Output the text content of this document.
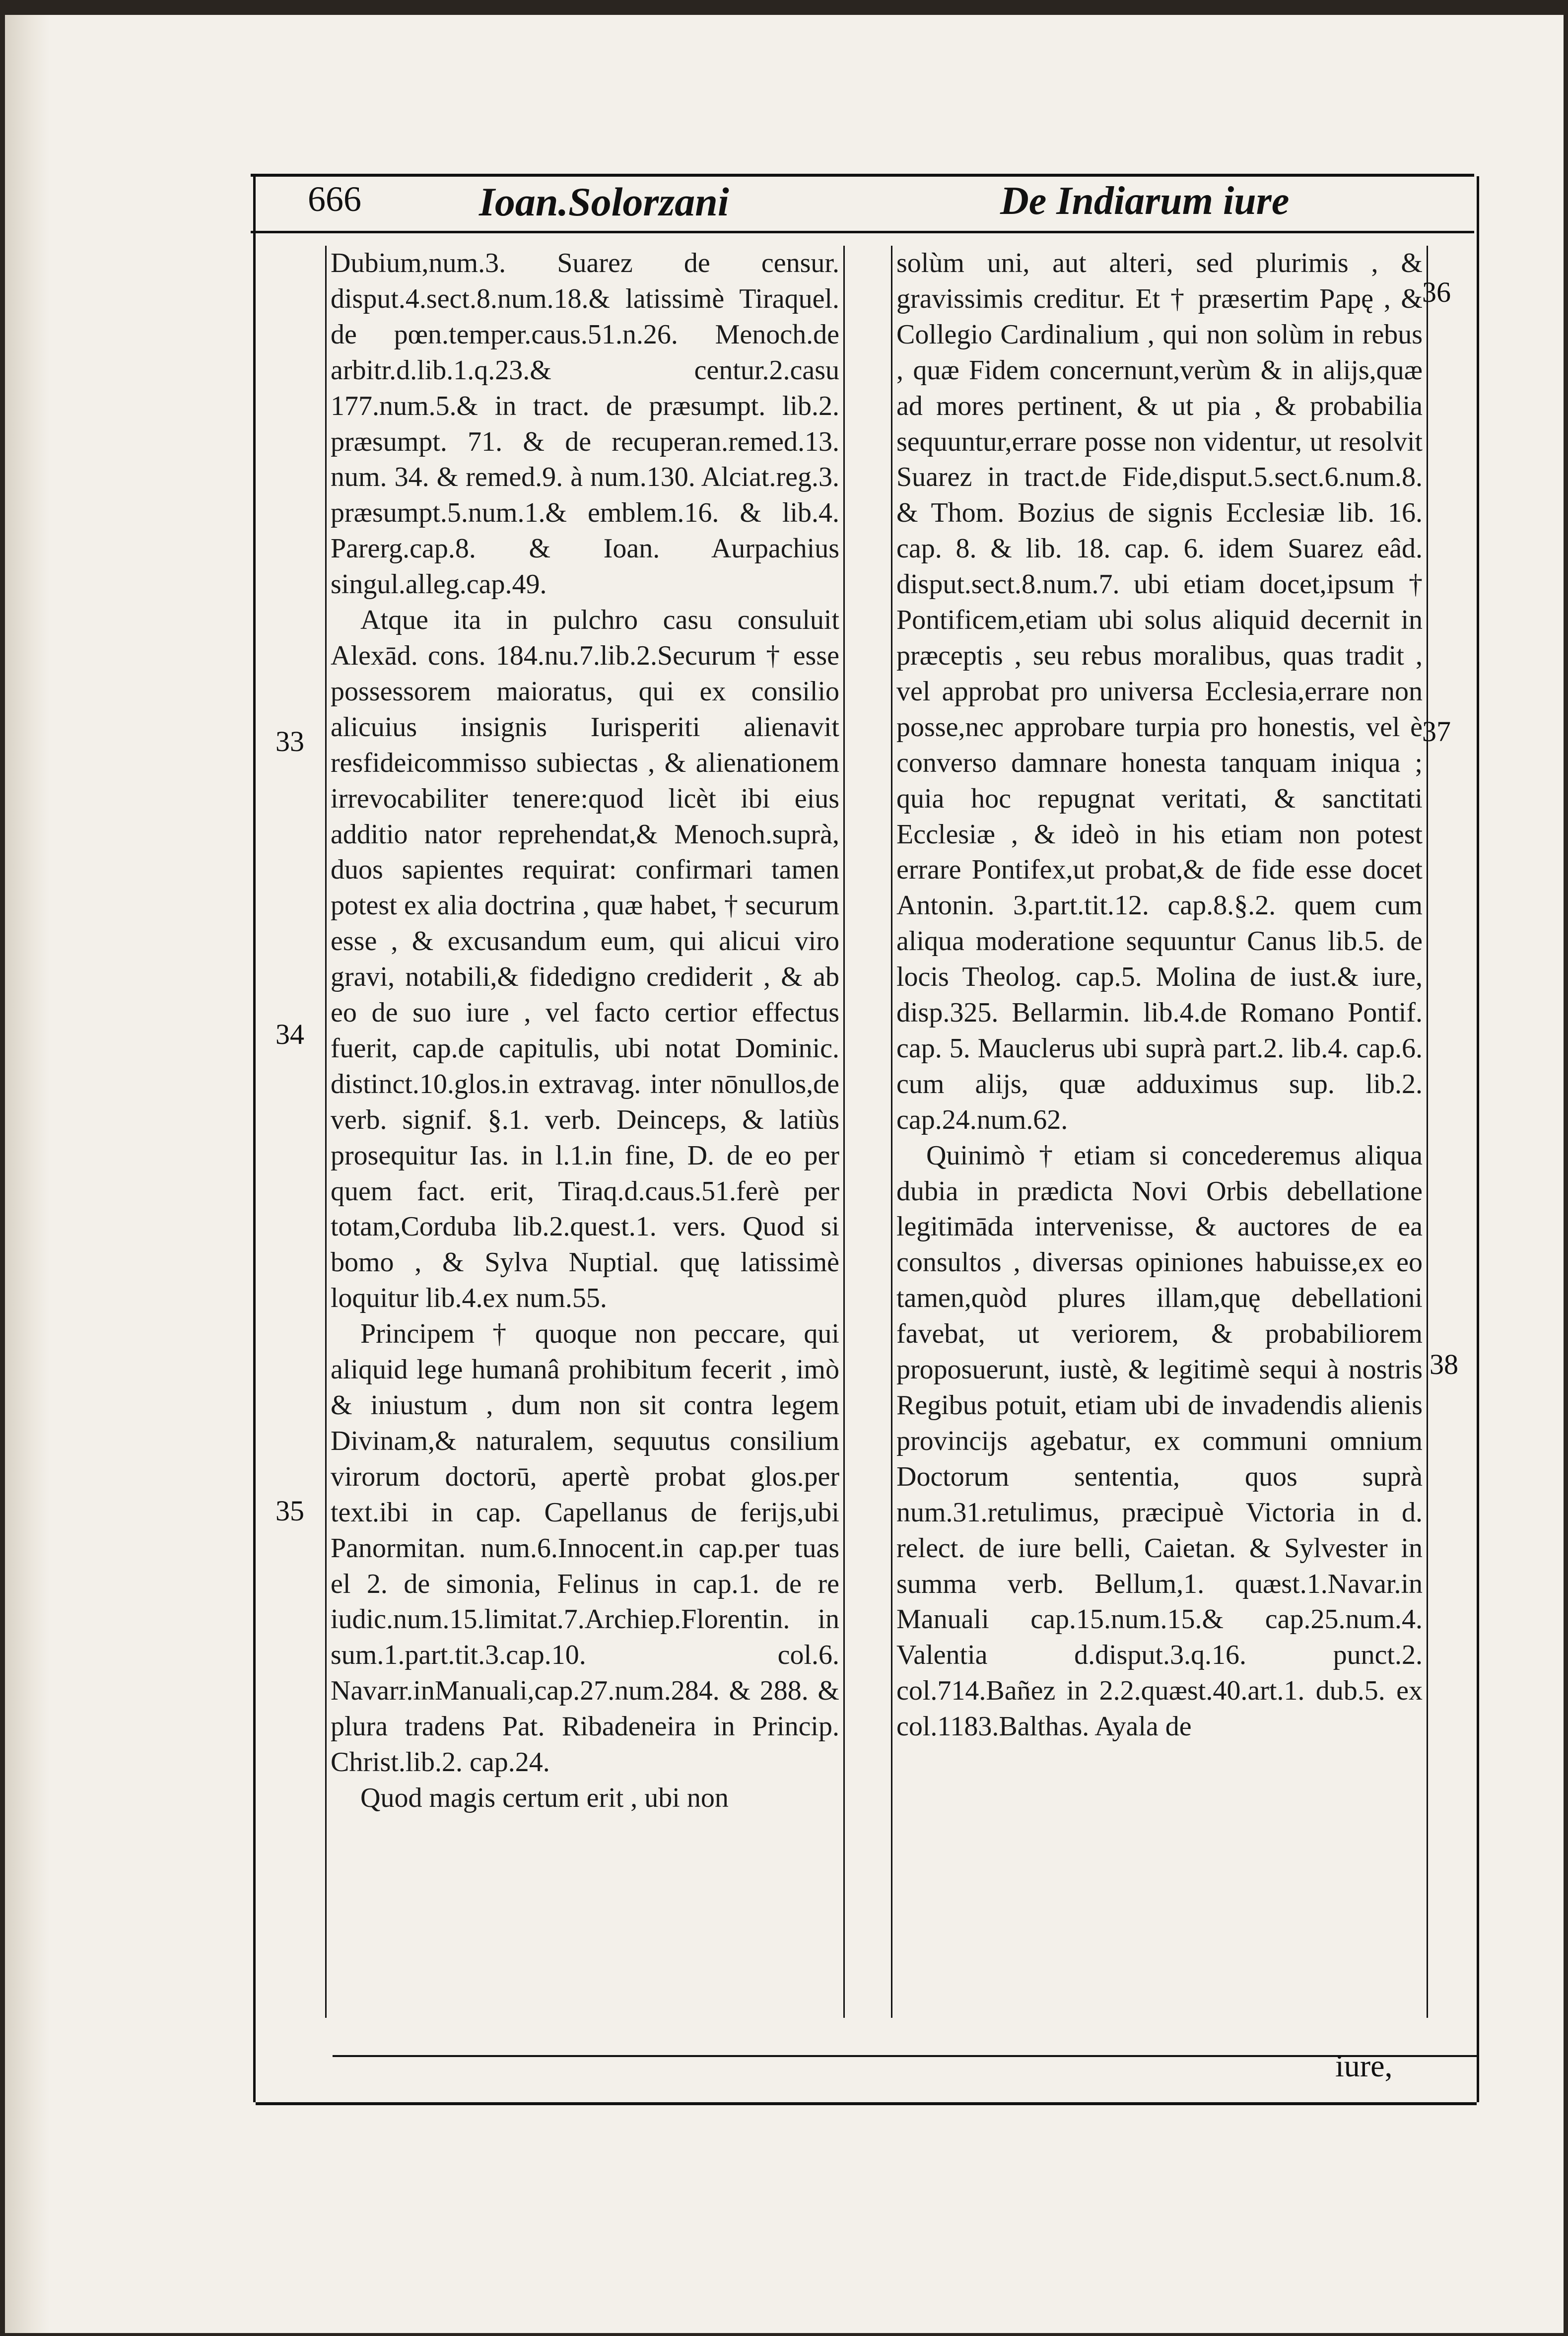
666	Ioan.Solorzani	De Indiarum iure

Dubium,num.3. Suarez de censur. disput.4.sect.8.num.18.& latissimè Tiraquel. de pœn.temper.caus.51.n.26. Menoch.de arbitr.d.lib.1.q.23.& centur.2.casu 177.num.5.& in tract. de præsumpt. lib.2. præsumpt. 71. & de recuperan.remed.13. num. 34. & remed.9. à num.130. Alciat.reg.3. præsumpt.5.num.1.& emblem.16. & lib.4. Parerg.cap.8. & Ioan. Aurpachius singul.alleg.cap.49.

Atque ita in pulchro casu consuluit Alexād. cons. 184.nu.7.lib.2.Securum † esse possessorem maioratus, qui ex consilio alicuius insignis Iurisperiti alienavit resfideicommisso subiectas , & alienationem irrevocabiliter tenere:quod licèt ibi eius additio nator reprehendat,& Menoch.suprà, duos sapientes requirat: confirmari tamen potest ex alia doctrina , quæ habet, † securum esse , & excusandum eum, qui alicui viro gravi, notabili,& fidedigno crediderit , & ab eo de suo iure , vel facto certior effectus fuerit, cap.de capitulis, ubi notat Dominic. distinct.10.glos.in extravag. inter nōnullos,de verb. signif. §.1. verb. Deinceps, & latiùs prosequitur Ias. in l.1.in fine, D. de eo per quem fact. erit, Tiraq.d.caus.51.ferè per totam,Corduba lib.2.quest.1. vers. Quod si bomo , & Sylva Nuptial. quę latissimè loquitur lib.4.ex num.55.

Principem † quoque non peccare, qui aliquid lege humanâ prohibitum fecerit , imò & iniustum , dum non sit contra legem Divinam,& naturalem, sequutus consilium virorum doctorū, apertè probat glos.per text.ibi in cap. Capellanus de ferijs,ubi Panormitan. num.6.Innocent.in cap.per tuas el 2. de simonia, Felinus in cap.1. de re iudic.num.15.limitat.7.Archiep.Florentin. in sum.1.part.tit.3.cap.10. col.6. Navarr.inManuali,cap.27.num.284. & 288. & plura tradens Pat. Ribadeneira in Princip. Christ.lib.2. cap.24.

Quod magis certum erit , ubi non

solùm uni, aut alteri, sed plurimis , & gravissimis creditur. Et † præsertim Papę , & Collegio Cardinalium , qui non solùm in rebus , quæ Fidem concernunt,verùm & in alijs,quæ ad mores pertinent, & ut pia , & probabilia sequuntur,errare posse non videntur, ut resolvit Suarez in tract.de Fide,disput.5.sect.6.num.8. & Thom. Bozius de signis Ecclesiæ lib. 16. cap. 8. & lib. 18. cap. 6. idem Suarez eâd. disput.sect.8.num.7. ubi etiam docet,ipsum † Pontificem,etiam ubi solus aliquid decernit in præceptis , seu rebus moralibus, quas tradit , vel approbat pro universa Ecclesia,errare non posse,nec approbare turpia pro honestis, vel è converso damnare honesta tanquam iniqua ; quia hoc repugnat veritati, & sanctitati Ecclesiæ , & ideò in his etiam non potest errare Pontifex,ut probat,& de fide esse docet Antonin. 3.part.tit.12. cap.8.§.2. quem cum aliqua moderatione sequuntur Canus lib.5. de locis Theolog. cap.5. Molina de iust.& iure, disp.325. Bellarmin. lib.4.de Romano Pontif. cap. 5. Mauclerus ubi suprà part.2. lib.4. cap.6. cum alijs, quæ adduximus sup. lib.2. cap.24.num.62.

Quinimò † etiam si concederemus aliqua dubia in prædicta Novi Orbis debellatione legitimāda intervenisse, & auctores de ea consultos , diversas opiniones habuisse,ex eo tamen,quòd plures illam,quę debellationi favebat, ut veriorem, & probabiliorem proposuerunt, iustè, & legitimè sequi à nostris Regibus potuit, etiam ubi de invadendis alienis provincijs agebatur, ex communi omnium Doctorum sententia, quos suprà num.31.retulimus, præcipuè Victoria in d. relect. de iure belli, Caietan. & Sylvester in summa verb. Bellum,1. quæst.1.Navar.in Manuali cap.15.num.15.& cap.25.num.4. Valentia d.disput.3.q.16. punct.2. col.714.Bañez in 2.2.quæst.40.art.1. dub.5. ex col.1183.Balthas. Ayala de

33
34
35
36
37
38
iure,
